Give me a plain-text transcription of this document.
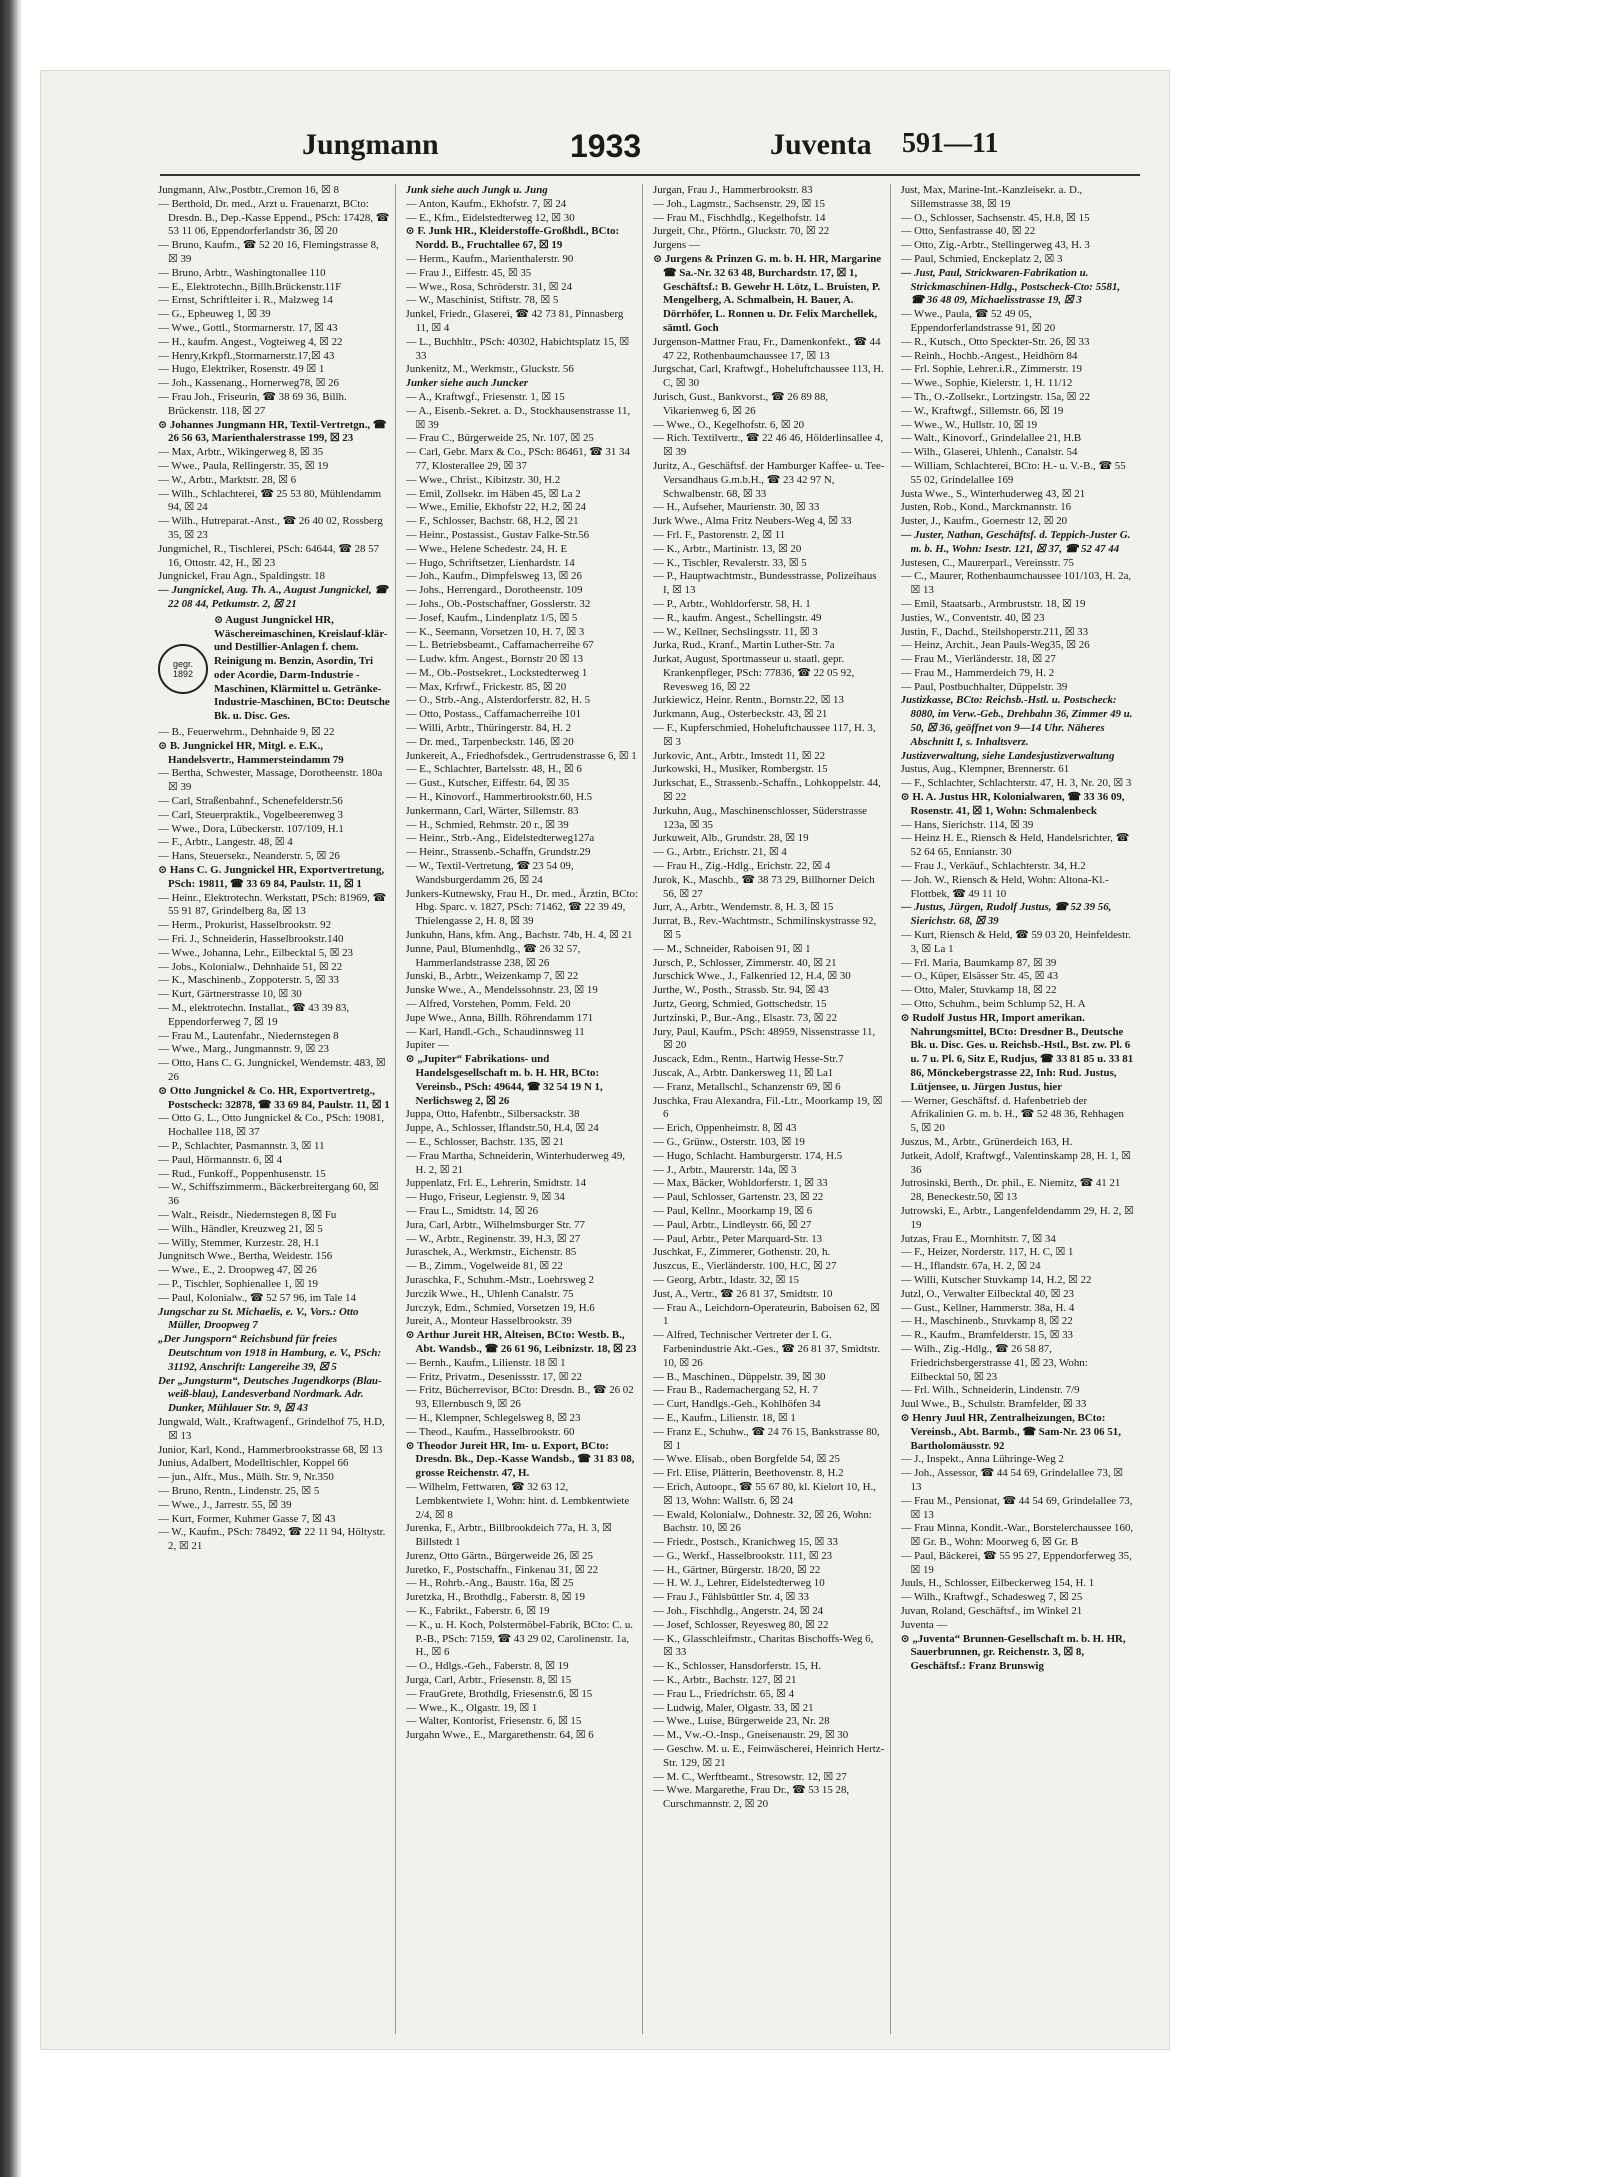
Jungmann	1933	Juventa 591—11

Jungmann, Alw.,Postbtr.,Cremon 16, ☒ 8

— Berthold, Dr. med., Arzt u. Frauenarzt, BCto: Dresdn. B., Dep.-Kasse Eppend., PSch: 17428, ☎ 53 11 06, Eppendorferlandstr 36, ☒ 20

— Bruno, Kaufm., ☎ 52 20 16, Flemingstrasse 8, ☒ 39

— Bruno, Arbtr., Washingtonallee 110

— E., Elektrotechn., Billh.Brückenstr.11F

— Ernst, Schriftleiter i. R., Malzweg 14

— G., Epheuweg 1, ☒ 39

— Wwe., Gottl., Stormarnerstr. 17, ☒ 43

— H., kaufm. Angest., Vogteiweg 4, ☒ 22

— Henry,Krkpfl.,Stormarnerstr.17,☒ 43

— Hugo, Elektriker, Rosenstr. 49 ☒ 1

— Joh., Kassenang., Hornerweg78, ☒ 26

— Frau Joh., Friseurin, ☎ 38 69 36, Billh. Brückenstr. 118, ☒ 27

⊙ Johannes Jungmann HR, Textil-Vertretgn., ☎ 26 56 63, Marienthalerstrasse 199, ☒ 23

— Max, Arbtr., Wikingerweg 8, ☒ 35

— Wwe., Paula, Rellingerstr. 35, ☒ 19

— W., Arbtr., Marktstr. 28, ☒ 6

— Wilh., Schlachterei, ☎ 25 53 80, Mühlendamm 94, ☒ 24

— Wilh., Hutreparat.-Anst., ☎ 26 40 02, Rossberg 35, ☒ 23

Jungmichel, R., Tischlerei, PSch: 64644, ☎ 28 57 16, Ottostr. 42, H., ☒ 23

Jungnickel, Frau Agn., Spaldingstr. 18

— Jungnickel, Aug. Th. A., August Jungnickel, ☎ 22 08 44, Petkumstr. 2, ☒ 21

gegr.
1892

⊙ August Jungnickel HR, Wäschereimaschinen, Kreislauf-klär- und Destillier-Anlagen f. chem. Reinigung m. Benzin, Asordin, Tri oder Acordie, Darm-Industrie - Maschinen, Klärmittel u. Getränke-Industrie-Maschinen, BCto: Deutsche Bk. u. Disc. Ges.

— B., Feuerwehrm., Dehnhaide 9, ☒ 22

⊙ B. Jungnickel HR, Mitgl. e. E.K., Handelsvertr., Hammersteindamm 79

— Bertha, Schwester, Massage, Dorotheenstr. 180a ☒ 39

— Carl, Straßenbahnf., Schenefelderstr.56

— Carl, Steuerpraktik., Vogelbeerenweg 3

— Wwe., Dora, Lübeckerstr. 107/109, H.1

— F., Arbtr., Langestr. 48, ☒ 4

— Hans, Steuersekr., Neanderstr. 5, ☒ 26

⊙ Hans C. G. Jungnickel HR, Exportvertretung, PSch: 19811, ☎ 33 69 84, Paulstr. 11, ☒ 1

— Heinr., Elektrotechn. Werkstatt, PSch: 81969, ☎ 55 91 87, Grindelberg 8a, ☒ 13

— Herm., Prokurist, Hasselbrookstr. 92

— Fri. J., Schneiderin, Hasselbrookstr.140

— Wwe., Johanna, Lehr., Eilbecktal 5, ☒ 23

— Jobs., Kolonialw., Dehnhaide 51, ☒ 22

— K., Maschinenb., Zoppoterstr. 5, ☒ 33

— Kurt, Gärtnerstrasse 10, ☒ 30

— M., elektrotechn. Installat., ☎ 43 39 83, Eppendorferweg 7, ☒ 19

— Frau M., Lautenfahr., Niedernstegen 8

— Wwe., Marg., Jungmannstr. 9, ☒ 23

— Otto, Hans C. G. Jungnickel, Wendemstr. 483, ☒ 26

⊙ Otto Jungnickel & Co. HR, Exportvertretg., Postscheck: 32878, ☎ 33 69 84, Paulstr. 11, ☒ 1

— Otto G. L., Otto Jungnickel & Co., PSch: 19081, Hochallee 118, ☒ 37

— P., Schlachter, Pasmannstr. 3, ☒ 11

— Paul, Hörmannstr. 6, ☒ 4

— Rud., Funkoff., Poppenhusenstr. 15

— W., Schiffszimmerm., Bäckerbreitergang 60, ☒ 36

— Walt., Reisdr., Niedernstegen 8, ☒ Fu

— Wilh., Händler, Kreuzweg 21, ☒ 5

— Willy, Stemmer, Kurzestr. 28, H.1

Jungnitsch Wwe., Bertha, Weidestr. 156

— Wwe., E., 2. Droopweg 47, ☒ 26

— P., Tischler, Sophienallee 1, ☒ 19

— Paul, Kolonialw., ☎ 52 57 96, im Tale 14

Jungschar zu St. Michaelis, e. V., Vors.: Otto Müller, Droopweg 7

„Der Jungsporn“ Reichsbund für freies Deutschtum von 1918 in Hamburg, e. V., PSch: 31192, Anschrift: Langereihe 39, ☒ 5

Der „Jungsturm“, Deutsches Jugendkorps (Blau-weiß-blau), Landesverband Nordmark. Adr. Dunker, Mühlauer Str. 9, ☒ 43

Jungwald, Walt., Kraftwagenf., Grindelhof 75, H.D, ☒ 13

Junior, Karl, Kond., Hammerbrookstrasse 68, ☒ 13

Junius, Adalbert, Modelltischler, Koppel 66

— jun., Alfr., Mus., Mülh. Str. 9, Nr.350

— Bruno, Rentn., Lindenstr. 25, ☒ 5

— Wwe., J., Jarrestr. 55, ☒ 39

— Kurt, Former, Kuhmer Gasse 7, ☒ 43

— W., Kaufm., PSch: 78492, ☎ 22 11 94, Höltystr. 2, ☒ 21

Junk siehe auch Jungk u. Jung

— Anton, Kaufm., Ekhofstr. 7, ☒ 24

— E., Kfm., Eidelstedterweg 12, ☒ 30

⊙ F. Junk HR., Kleiderstoffe-Großhdl., BCto: Nordd. B., Fruchtallee 67, ☒ 19

— Herm., Kaufm., Marienthalerstr. 90

— Frau J., Eiffestr. 45, ☒ 35

— Wwe., Rosa, Schröderstr. 31, ☒ 24

— W., Maschinist, Stiftstr. 78, ☒ 5

Junkel, Friedr., Glaserei, ☎ 42 73 81, Pinnasberg 11, ☒ 4

— L., Buchhltr., PSch: 40302, Habichtsplatz 15, ☒ 33

Junkenitz, M., Werkmstr., Gluckstr. 56

Junker siehe auch Juncker

— A., Kraftwgf., Friesenstr. 1, ☒ 15

— A., Eisenb.-Sekret. a. D., Stockhausenstrasse 11, ☒ 39

— Frau C., Bürgerweide 25, Nr. 107, ☒ 25

— Carl, Gebr. Marx & Co., PSch: 86461, ☎ 31 34 77, Klosterallee 29, ☒ 37

— Wwe., Christ., Kibitzstr. 30, H.2

— Emil, Zollsekr. im Häben 45, ☒ La 2

— Wwe., Emilie, Ekhofstr 22, H.2, ☒ 24

— F., Schlosser, Bachstr. 68, H.2, ☒ 21

— Heinr., Postassist., Gustav Falke-Str.56

— Wwe., Helene Schedestr. 24, H. E

— Hugo, Schriftsetzer, Lienhardstr. 14

— Joh., Kaufm., Dimpfelsweg 13, ☒ 26

— Johs., Herrengard., Dorotheenstr. 109

— Johs., Ob.-Postschaffner, Gosslerstr. 32

— Josef, Kaufm., Lindenplatz 1/5, ☒ 5

— K., Seemann, Vorsetzen 10, H. 7, ☒ 3

— L. Betriebsbeamt., Caffamacherreihe 67

— Ludw. kfm. Angest., Bornstr 20 ☒ 13

— M., Ob.-Postsekret., Lockstedterweg 1

— Max, Krfrwf., Frickestr. 85, ☒ 20

— O., Strb.-Ang., Alsterdorferstr. 82, H. 5

— Otto, Postass., Caffamacherreihe 101

— Willi, Arbtr., Thüringerstr. 84, H. 2

— Dr. med., Tarpenbeckstr. 146, ☒ 20

Junkereit, A., Friedhofsdek., Gertrudenstrasse 6, ☒ 1

— E., Schlachter, Bartelsstr. 48, H., ☒ 6

— Gust., Kutscher, Eiffestr. 64, ☒ 35

— H., Kinovorf., Hammerbrookstr.60, H.5

Junkermann, Carl, Wärter, Sillemstr. 83

— H., Schmied, Rehmstr. 20 r., ☒ 39

— Heinr., Strb.-Ang., Eidelstedterweg127a

— Heinr., Strassenb.-Schaffn, Grundstr.29

— W., Textil-Vertretung, ☎ 23 54 09, Wandsburgerdamm 26, ☒ 24

Junkers-Kutnewsky, Frau H., Dr. med., Ärztin, BCto: Hbg. Sparc. v. 1827, PSch: 71462, ☎ 22 39 49, Thielengasse 2, H. 8, ☒ 39

Junkuhn, Hans, kfm. Ang., Bachstr. 74b, H. 4, ☒ 21

Junne, Paul, Blumenhdlg., ☎ 26 32 57, Hammerlandstrasse 238, ☒ 26

Junski, B., Arbtr., Weizenkamp 7, ☒ 22

Junske Wwe., A., Mendelssohnstr. 23, ☒ 19

— Alfred, Vorstehen, Pomm. Feld. 20

Jupe Wwe., Anna, Billh. Röhrendamm 171

— Karl, Handl.-Gch., Schaudinnsweg 11

Jupiter —

⊙ „Jupiter“ Fabrikations- und Handelsgesellschaft m. b. H. HR, BCto: Vereinsb., PSch: 49644, ☎ 32 54 19 N 1, Nerlichsweg 2, ☒ 26

Juppa, Otto, Hafenbtr., Silbersackstr. 38

Juppe, A., Schlosser, Iflandstr.50, H.4, ☒ 24

— E., Schlosser, Bachstr. 135, ☒ 21

— Frau Martha, Schneiderin, Winterhuderweg 49, H. 2, ☒ 21

Juppenlatz, Frl. E., Lehrerin, Smidtstr. 14

— Hugo, Friseur, Legienstr. 9, ☒ 34

— Frau L., Smidtstr. 14, ☒ 26

Jura, Carl, Arbtr., Wilhelmsburger Str. 77

— W., Arbtr., Reginenstr. 39, H.3, ☒ 27

Juraschek, A., Werkmstr., Eichenstr. 85

— B., Zimm., Vogelweide 81, ☒ 22

Juraschka, F., Schuhm.-Mstr., Loehrsweg 2

Jurczik Wwe., H., Uhlenh Canalstr. 75

Jurczyk, Edm., Schmied, Vorsetzen 19, H.6

Jureit, A., Monteur Hasselbrookstr. 39

⊙ Arthur Jureit HR, Alteisen, BCto: Westb. B., Abt. Wandsb., ☎ 26 61 96, Leibnizstr. 18, ☒ 23

— Bernh., Kaufm., Lilienstr. 18 ☒ 1

— Fritz, Privatm., Desenissstr. 17, ☒ 22

— Fritz, Bücherrevisor, BCto: Dresdn. B., ☎ 26 02 93, Ellernbusch 9, ☒ 26

— H., Klempner, Schlegelsweg 8, ☒ 23

— Theod., Kaufm., Hasselbrookstr. 60

⊙ Theodor Jureit HR, Im- u. Export, BCto: Dresdn. Bk., Dep.-Kasse Wandsb., ☎ 31 83 08, grosse Reichenstr. 47, H.

— Wilhelm, Fettwaren, ☎ 32 63 12, Lembkentwiete 1, Wohn: hint. d. Lembkentwiete 2/4, ☒ 8

Jurenka, F., Arbtr., Billbrookdeich 77a, H. 3, ☒ Billstedt 1

Jurenz, Otto Gärtn., Bürgerweide 26, ☒ 25

Juretko, F., Postschaffn., Finkenau 31, ☒ 22

— H., Rohrb.-Ang., Baustr. 16a, ☒ 25

Juretzka, H., Brothdlg., Faberstr. 8, ☒ 19

— K., Fabrikt., Faberstr. 6, ☒ 19

— K., u. H. Koch, Polstermöbel-Fabrik, BCto: C. u. P.-B., PSch: 7159, ☎ 43 29 02, Carolinenstr. 1a, H., ☒ 6

— O., Hdlgs.-Geh., Faberstr. 8, ☒ 19

Jurga, Carl, Arbtr., Friesenstr. 8, ☒ 15

— FrauGrete, Brothdlg, Friesenstr.6, ☒ 15

— Wwe., K., Olgastr. 19, ☒ 1

— Walter, Kontorist, Friesenstr. 6, ☒ 15

Jurgahn Wwe., E., Margarethenstr. 64, ☒ 6

Jurgan, Frau J., Hammerbrookstr. 83

— Joh., Lagmstr., Sachsenstr. 29, ☒ 15

— Frau M., Fischhdlg., Kegelhofstr. 14

Jurgeit, Chr., Pförtn., Gluckstr. 70, ☒ 22

Jurgens —

⊙ Jurgens & Prinzen G. m. b. H. HR, Margarine ☎ Sa.-Nr. 32 63 48, Burchardstr. 17, ☒ 1, Geschäftsf.: B. Gewehr H. Lötz, L. Bruisten, P. Mengelberg, A. Schmalbein, H. Bauer, A. Dörrhöfer, L. Ronnen u. Dr. Felix Marchellek, sämtl. Goch

Jurgenson-Mattner Frau, Fr., Damenkonfekt., ☎ 44 47 22, Rothenbaumchaussee 17, ☒ 13

Jurgschat, Carl, Kraftwgf., Hoheluftchaussee 113, H. C, ☒ 30

Jurisch, Gust., Bankvorst., ☎ 26 89 88, Vikarienweg 6, ☒ 26

— Wwe., O., Kegelhofstr. 6, ☒ 20

— Rich. Textilvertr., ☎ 22 46 46, Hölderlinsallee 4, ☒ 39

Juritz, A., Geschäftsf. der Hamburger Kaffee- u. Tee-Versandhaus G.m.b.H., ☎ 23 42 97 N, Schwalbenstr. 68, ☒ 33

— H., Aufseher, Maurienstr. 30, ☒ 33

Jurk Wwe., Alma Fritz Neubers-Weg 4, ☒ 33

— Frl. F., Pastorenstr. 2, ☒ 11

— K., Arbtr., Martinistr. 13, ☒ 20

— K., Tischler, Revalerstr. 33, ☒ 5

— P., Hauptwachtmstr., Bundesstrasse, Polizeihaus I, ☒ 13

— P., Arbtr., Wohldorferstr. 58, H. 1

— R., kaufm. Angest., Schellingstr. 49

— W., Kellner, Sechslingsstr. 11, ☒ 3

Jurka, Rud., Kranf., Martin Luther-Str. 7a

Jurkat, August, Sportmasseur u. staatl. gepr. Krankenpfleger, PSch: 77836, ☎ 22 05 92, Revesweg 16, ☒ 22

Jurkiewicz, Heinr. Rentn., Bornstr.22, ☒ 13

Jurkmann, Aug., Osterbeckstr. 43, ☒ 21

— F., Kupferschmied, Hoheluftchaussee 117, H. 3, ☒ 3

Jurkovic, Ant., Arbtr., Imstedt 11, ☒ 22

Jurkowski, H., Musiker, Rombergstr. 15

Jurkschat, E., Strassenb.-Schaffn., Lohkoppelstr. 44, ☒ 22

Jurkuhn, Aug., Maschinenschlosser, Süderstrasse 123a, ☒ 35

Jurkuweit, Alb., Grundstr. 28, ☒ 19

— G., Arbtr., Erichstr. 21, ☒ 4

— Frau H., Zig.-Hdlg., Erichstr. 22, ☒ 4

Jurok, K., Maschb., ☎ 38 73 29, Billhorner Deich 56, ☒ 27

Jurr, A., Arbtr., Wendemstr. 8, H. 3, ☒ 15

Jurrat, B., Rev.-Wachtmstr., Schmilinskystrasse 92, ☒ 5

— M., Schneider, Raboisen 91, ☒ 1

Jursch, P., Schlosser, Zimmerstr. 40, ☒ 21

Jurschick Wwe., J., Falkenried 12, H.4, ☒ 30

Jurthe, W., Posth., Strassb. Str. 94, ☒ 43

Jurtz, Georg, Schmied, Gottschedstr. 15

Jurtzinski, P., Bur.-Ang., Elsastr. 73, ☒ 22

Jury, Paul, Kaufm., PSch: 48959, Nissenstrasse 11, ☒ 20

Juscack, Edm., Rentn., Hartwig Hesse-Str.7

Juscak, A., Arbtr. Dankersweg 11, ☒ La1

— Franz, Metallschl., Schanzenstr 69, ☒ 6

Juschka, Frau Alexandra, Fil.-Ltr., Moorkamp 19, ☒ 6

— Erich, Oppenheimstr. 8, ☒ 43

— G., Grünw., Osterstr. 103, ☒ 19

— Hugo, Schlacht. Hamburgerstr. 174, H.5

— J., Arbtr., Maurerstr. 14a, ☒ 3

— Max, Bäcker, Wohldorferstr. 1, ☒ 33

— Paul, Schlosser, Gartenstr. 23, ☒ 22

— Paul, Kellnr., Moorkamp 19, ☒ 6

— Paul, Arbtr., Lindleystr. 66, ☒ 27

— Paul, Arbtr., Peter Marquard-Str. 13

Juschkat, F., Zimmerer, Gothenstr. 20, h.

Juszcus, E., Vierländerstr. 100, H.C, ☒ 27

— Georg, Arbtr., Idastr. 32, ☒ 15

Just, A., Vertr., ☎ 26 81 37, Smidtstr. 10

— Frau A., Leichdorn-Operateurin, Baboisen 62, ☒ 1

— Alfred, Technischer Vertreter der I. G. Farbenindustrie Akt.-Ges., ☎ 26 81 37, Smidtstr. 10, ☒ 26

— B., Maschinen., Düppelstr. 39, ☒ 30

— Frau B., Rademachergang 52, H. 7

— Curt, Handlgs.-Geh., Kohlhöfen 34

— E., Kaufm., Lilienstr. 18, ☒ 1

— Franz E., Schuhw., ☎ 24 76 15, Bankstrasse 80, ☒ 1

— Wwe. Elisab., oben Borgfelde 54, ☒ 25

— Frl. Elise, Plätterin, Beethovenstr. 8, H.2

— Erich, Autoopr., ☎ 55 67 80, kl. Kielort 10, H., ☒ 13, Wohn: Wallstr. 6, ☒ 24

— Ewald, Kolonialw., Dohnestr. 32, ☒ 26, Wohn: Bachstr. 10, ☒ 26

— Friedr., Postsch., Kranichweg 15, ☒ 33

— G., Werkf., Hasselbrookstr. 111, ☒ 23

— H., Gärtner, Bürgerstr. 18/20, ☒ 22

— H. W. J., Lehrer, Eidelstedterweg 10

— Frau J., Fühlsbüttler Str. 4, ☒ 33

— Joh., Fischhdlg., Angerstr. 24, ☒ 24

— Josef, Schlosser, Reyesweg 80, ☒ 22

— K., Glasschleifmstr., Charitas Bischoffs-Weg 6, ☒ 33

— K., Schlosser, Hansdorferstr. 15, H.

— K., Arbtr., Bachstr. 127, ☒ 21

— Frau L., Friedrichstr. 65, ☒ 4

— Ludwig, Maler, Olgastr. 33, ☒ 21

— Wwe., Luise, Bürgerweide 23, Nr. 28

— M., Vw.-O.-Insp., Gneisenaustr. 29, ☒ 30

— Geschw. M. u. E., Feinwäscherei, Heinrich Hertz-Str. 129, ☒ 21

— M. C., Werftbeamt., Stresowstr. 12, ☒ 27

— Wwe. Margarethe, Frau Dr., ☎ 53 15 28, Curschmannstr. 2, ☒ 20

Just, Max, Marine-Int.-Kanzleisekr. a. D., Sillemstrasse 38, ☒ 19

— O., Schlosser, Sachsenstr. 45, H.8, ☒ 15

— Otto, Senfastrasse 40, ☒ 22

— Otto, Zig.-Arbtr., Stellingerweg 43, H. 3

— Paul, Schmied, Enckeplatz 2, ☒ 3

— Just, Paul, Strickwaren-Fabrikation u. Strickmaschinen-Hdlg., Postscheck-Cto: 5581, ☎ 36 48 09, Michaelisstrasse 19, ☒ 3

— Wwe., Paula, ☎ 52 49 05, Eppendorferlandstrasse 91, ☒ 20

— R., Kutsch., Otto Speckter-Str. 26, ☒ 33

— Reinh., Hochb.-Angest., Heidhörn 84

— Frl. Sophie, Lehrer.i.R., Zimmerstr. 19

— Wwe., Sophie, Kielerstr. 1, H. 11/12

— Th., O.-Zollsekr., Lortzingstr. 15a, ☒ 22

— W., Kraftwgf., Sillemstr. 66, ☒ 19

— Wwe., W., Hullstr. 10, ☒ 19

— Walt., Kinovorf., Grindelallee 21, H.B

— Wilh., Glaserei, Uhlenh., Canalstr. 54

— William, Schlachterei, BCto: H.- u. V.-B., ☎ 55 55 02, Grindelallee 169

Justa Wwe., S., Winterhuderweg 43, ☒ 21

Justen, Rob., Kond., Marckmannstr. 16

Juster, J., Kaufm., Goernestr 12, ☒ 20

— Juster, Nathan, Geschäftsf. d. Teppich-Juster G. m. b. H., Wohn: Isestr. 121, ☒ 37, ☎ 52 47 44

Justesen, C., Maurerparl., Vereinsstr. 75

— C., Maurer, Rothenbaumchaussee 101/103, H. 2a, ☒ 13

— Emil, Staatsarb., Armbruststr. 18, ☒ 19

Justies, W., Conventstr. 40, ☒ 23

Justin, F., Dachd., Steilshoperstr.211, ☒ 33

— Heinz, Archit., Jean Pauls-Weg35, ☒ 26

— Frau M., Vierländerstr. 18, ☒ 27

— Frau M., Hammerdeich 79, H. 2

— Paul, Postbuchhalter, Düppelstr. 39

Justizkasse, BCto: Reichsb.-Hstl. u. Postscheck: 8080, im Verw.-Geb., Drehbahn 36, Zimmer 49 u. 50, ☒ 36, geöffnet von 9—14 Uhr. Näheres Abschnitt I, s. Inhaltsverz.

Justizverwaltung, siehe Landesjustizverwaltung

Justus, Aug., Klempner, Brennerstr. 61

— F., Schlachter, Schlachterstr. 47, H. 3, Nr. 20, ☒ 3

⊙ H. A. Justus HR, Kolonialwaren, ☎ 33 36 09, Rosenstr. 41, ☒ 1, Wohn: Schmalenbeck

— Hans, Sierichstr. 114, ☒ 39

— Heinz H. E., Riensch & Held, Handelsrichter, ☎ 52 64 65, Ennianstr. 30

— Frau J., Verkäuf., Schlachterstr. 34, H.2

— Joh. W., Riensch & Held, Wohn: Altona-Kl.-Flottbek, ☎ 49 11 10

— Justus, Jürgen, Rudolf Justus, ☎ 52 39 56, Sierichstr. 68, ☒ 39

— Kurt, Riensch & Held, ☎ 59 03 20, Heinfeldestr. 3, ☒ La 1

— Frl. Maria, Baumkamp 87, ☒ 39

— O., Küper, Elsässer Str. 45, ☒ 43

— Otto, Maler, Stuvkamp 18, ☒ 22

— Otto, Schuhm., beim Schlump 52, H. A

⊙ Rudolf Justus HR, Import amerikan. Nahrungsmittel, BCto: Dresdner B., Deutsche Bk. u. Disc. Ges. u. Reichsb.-Hstl., Bst. zw. Pl. 6 u. 7 u. Pl. 6, Sitz E, Rudjus, ☎ 33 81 85 u. 33 81 86, Mönckebergstrasse 22, Inh: Rud. Justus, Lütjensee, u. Jürgen Justus, hier

— Werner, Geschäftsf. d. Hafenbetrieb der Afrikalinien G. m. b. H., ☎ 52 48 36, Rehhagen 5, ☒ 20

Juszus, M., Arbtr., Grünerdeich 163, H.

Jutkeit, Adolf, Kraftwgf., Valentinskamp 28, H. 1, ☒ 36

Jutrosinski, Berth., Dr. phil., E. Niemitz, ☎ 41 21 28, Beneckestr.50, ☒ 13

Jutrowski, E., Arbtr., Langenfeldendamm 29, H. 2, ☒ 19

Jutzas, Frau E., Mornhitstr. 7, ☒ 34

— F., Heizer, Norderstr. 117, H. C, ☒ 1

— H., Iflandstr. 67a, H. 2, ☒ 24

— Willi, Kutscher Stuvkamp 14, H.2, ☒ 22

Jutzl, O., Verwalter Eilbecktal 40, ☒ 23

— Gust., Kellner, Hammerstr. 38a, H. 4

— H., Maschinenb., Stuvkamp 8, ☒ 22

— R., Kaufm., Bramfelderstr. 15, ☒ 33

— Wilh., Zig.-Hdlg., ☎ 26 58 87, Friedrichsbergerstrasse 41, ☒ 23, Wohn: Eilbecktal 50, ☒ 23

— Frl. Wilh., Schneiderin, Lindenstr. 7/9

Juul Wwe., B., Schulstr. Bramfelder, ☒ 33

⊙ Henry Juul HR, Zentralheizungen, BCto: Vereinsb., Abt. Barmb., ☎ Sam-Nr. 23 06 51, Bartholomäusstr. 92

— J., Inspekt., Anna Lühringe-Weg 2

— Joh., Assessor, ☎ 44 54 69, Grindelallee 73, ☒ 13

— Frau M., Pensionat, ☎ 44 54 69, Grindelallee 73, ☒ 13

— Frau Minna, Kondit.-War., Borstelerchaussee 160, ☒ Gr. B., Wohn: Moorweg 6, ☒ Gr. B

— Paul, Bäckerei, ☎ 55 95 27, Eppendorferweg 35, ☒ 19

Juuls, H., Schlosser, Eilbeckerweg 154, H. 1

— Wilh., Kraftwgf., Schadesweg 7, ☒ 25

Juvan, Roland, Geschäftsf., im Winkel 21

Juventa —

⊙ „Juventa“ Brunnen-Gesellschaft m. b. H. HR, Sauerbrunnen, gr. Reichenstr. 3, ☒ 8, Geschäftsf.: Franz Brunswig
